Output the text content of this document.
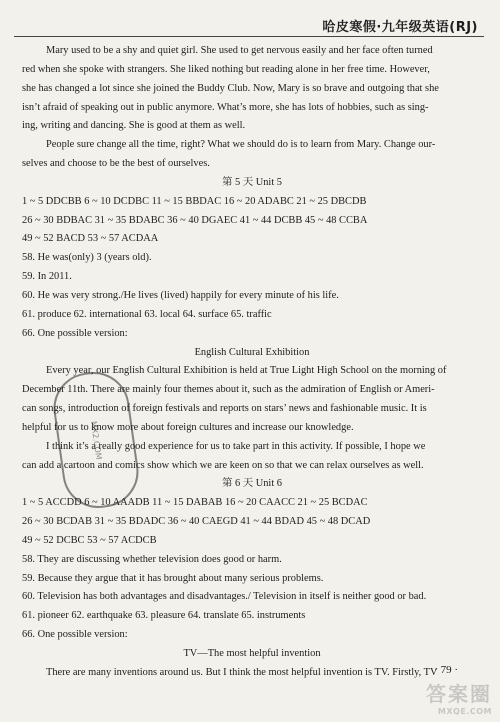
哈皮寒假·九年级英语(RJ)

Mary used to be a shy and quiet girl. She used to get nervous easily and her face often turned

red when she spoke with strangers. She liked nothing but reading alone in her free time. However,

she has changed a lot since she joined the Buddy Club. Now, Mary is so brave and outgoing that she

isn’t afraid of speaking out in public anymore. What’s more, she has lots of hobbies, such as sing-

ing, writing and dancing. She is good at them as well.

People sure change all the time, right? What we should do is to learn from Mary. Change our-

selves and choose to be the best of ourselves.

第 5 天 Unit 5

1 ~ 5 DDCBB 6 ~ 10 DCDBC 11 ~ 15 BBDAC 16 ~ 20 ADABC 21 ~ 25 DBCDB

26 ~ 30 BDBAC 31 ~ 35 BDABC 36 ~ 40 DGAEC 41 ~ 44 DCBB 45 ~ 48 CCBA

49 ~ 52 BACD 53 ~ 57 ACDAA

58. He was(only) 3 (years old).

59. In 2011.

60. He was very strong./He lives (lived) happily for every minute of his life.

61. produce 62. international 63. local 64. surface 65. traffic

66. One possible version:

English Cultural Exhibition

Every year, our English Cultural Exhibition is held at True Light High School on the morning of

December 11th. There are mainly four themes about it, such as the admiration of English or Ameri-

can songs, introduction of foreign festivals and reports on stars’ news and fashionable music. It is

helpful for us to know more about foreign cultures and increase our knowledge.

I think it’s a really good experience for us to take part in this activity. If possible, I hope we

can add a cartoon and comics show which we are keen on so that we can relax ourselves as well.

第 6 天 Unit 6

1 ~ 5 ACCDD 6 ~ 10 AAADB 11 ~ 15 DABAB 16 ~ 20 CAACC 21 ~ 25 BCDAC

26 ~ 30 BCDAB 31 ~ 35 BDADC 36 ~ 40 CAEGD 41 ~ 44 BDAD 45 ~ 48 DCAD

49 ~ 52 DCBC 53 ~ 57 ACDCB

58. They are discussing whether television does good or harm.

59. Because they argue that it has brought about many serious problems.

60. Television has both advantages and disadvantages./ Television in itself is neither good or bad.

61. pioneer 62. earthquake 63. pleasure 64. translate 65. instruments

66. One possible version:

TV—The most helpful invention

There are many inventions around us. But I think the most helpful invention is TV. Firstly, TV

MX2.COM
· 79 ·
答案圈
MXQE.COM
